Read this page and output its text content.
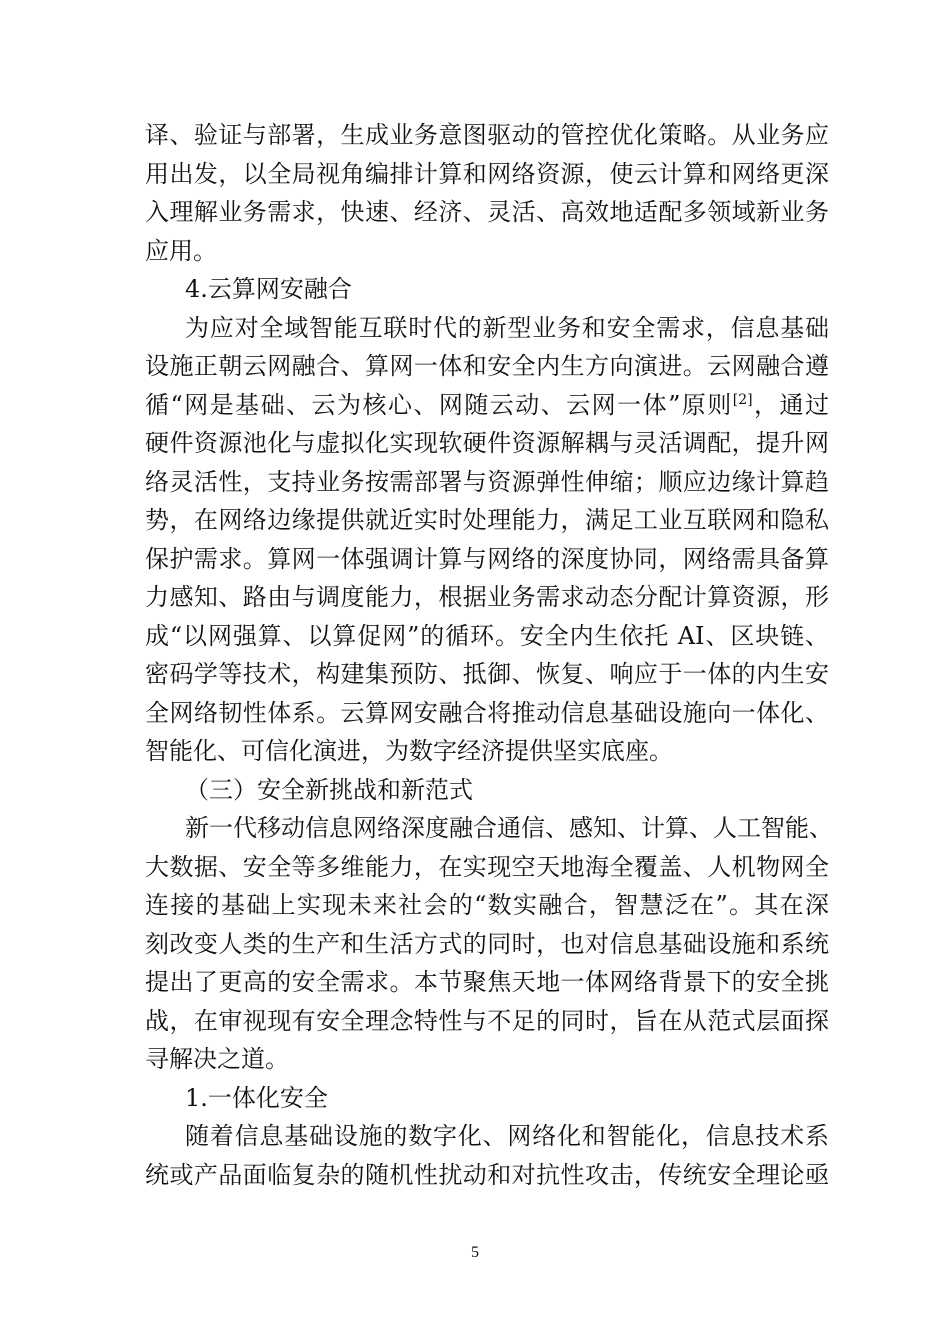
译、验证与部署，生成业务意图驱动的管控优化策略。从业务应
用出发，以全局视角编排计算和网络资源，使云计算和网络更深
入理解业务需求，快速、经济、灵活、高效地适配多领域新业务
应用。
4.云算网安融合
为应对全域智能互联时代的新型业务和安全需求，信息基础
设施正朝云网融合、算网一体和安全内生方向演进。云网融合遵
循“网是基础、云为核心、网随云动、云网一体”原则[2]，通过
硬件资源池化与虚拟化实现软硬件资源解耦与灵活调配，提升网
络灵活性，支持业务按需部署与资源弹性伸缩；顺应边缘计算趋
势，在网络边缘提供就近实时处理能力，满足工业互联网和隐私
保护需求。算网一体强调计算与网络的深度协同，网络需具备算
力感知、路由与调度能力，根据业务需求动态分配计算资源，形
成“以网强算、以算促网”的循环。安全内生依托 AI、区块链、
密码学等技术，构建集预防、抵御、恢复、响应于一体的内生安
全网络韧性体系。云算网安融合将推动信息基础设施向一体化、
智能化、可信化演进，为数字经济提供坚实底座。
（三）安全新挑战和新范式
新一代移动信息网络深度融合通信、感知、计算、人工智能、
大数据、安全等多维能力，在实现空天地海全覆盖、人机物网全
连接的基础上实现未来社会的“数实融合，智慧泛在”。其在深
刻改变人类的生产和生活方式的同时，也对信息基础设施和系统
提出了更高的安全需求。本节聚焦天地一体网络背景下的安全挑
战，在审视现有安全理念特性与不足的同时，旨在从范式层面探
寻解决之道。
1.一体化安全
随着信息基础设施的数字化、网络化和智能化，信息技术系
统或产品面临复杂的随机性扰动和对抗性攻击，传统安全理论亟
5
